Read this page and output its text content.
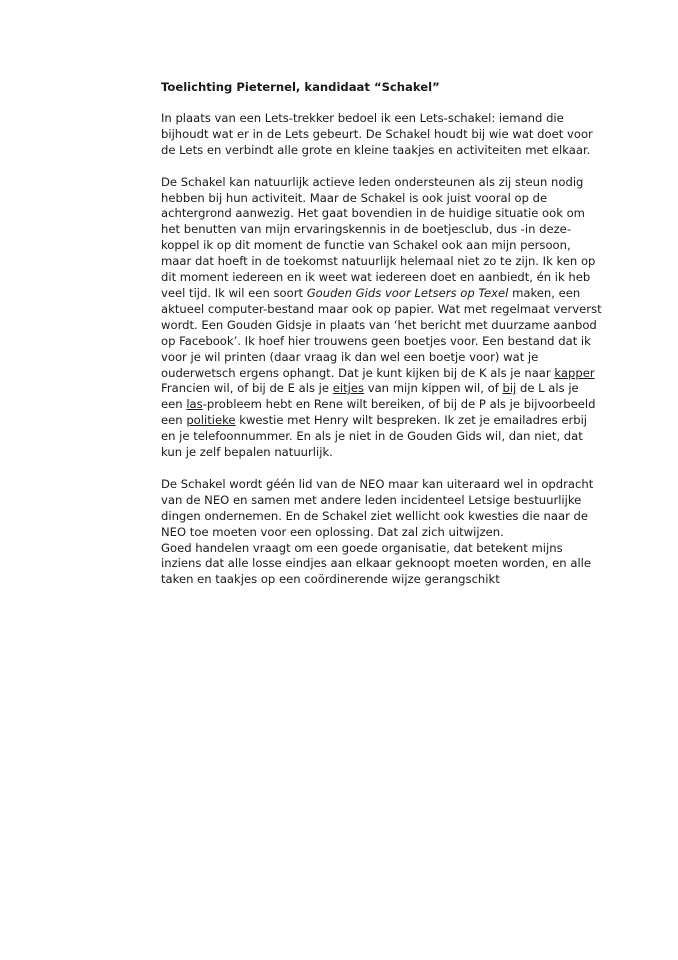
Toelichting Pieternel, kandidaat “Schakel”
In plaats van een Lets-trekker bedoel ik een Lets-schakel: iemand die
bijhoudt wat er in de Lets gebeurt. De Schakel houdt bij wie wat doet voor
de Lets en verbindt alle grote en kleine taakjes en activiteiten met elkaar.
De Schakel kan natuurlijk actieve leden ondersteunen als zij steun nodig
hebben bij hun activiteit. Maar de Schakel is ook juist vooral op de
achtergrond aanwezig. Het gaat bovendien in de huidige situatie ook om
het benutten van mijn ervaringskennis in de boetjesclub, dus -in deze-
koppel ik op dit moment de functie van Schakel ook aan mijn persoon,
maar dat hoeft in de toekomst natuurlijk helemaal niet zo te zijn. Ik ken op
dit moment iedereen en ik weet wat iedereen doet en aanbiedt, én ik heb
veel tijd. Ik wil een soort Gouden Gids voor Letsers op Texel maken, een
aktueel computer-bestand maar ook op papier. Wat met regelmaat ververst
wordt. Een Gouden Gidsje in plaats van ‘het bericht met duurzame aanbod
op Facebook’. Ik hoef hier trouwens geen boetjes voor. Een bestand dat ik
voor je wil printen (daar vraag ik dan wel een boetje voor) wat je
ouderwetsch ergens ophangt. Dat je kunt kijken bij de K als je naar kapper
Francien wil, of bij de E als je eitjes van mijn kippen wil, of bij de L als je
een las-probleem hebt en Rene wilt bereiken, of bij de P als je bijvoorbeeld
een politieke kwestie met Henry wilt bespreken. Ik zet je emailadres erbij
en je telefoonnummer. En als je niet in de Gouden Gids wil, dan niet, dat
kun je zelf bepalen natuurlijk.
De Schakel wordt géén lid van de NEO maar kan uiteraard wel in opdracht
van de NEO en samen met andere leden incidenteel Letsige bestuurlijke
dingen ondernemen. En de Schakel ziet wellicht ook kwesties die naar de
NEO toe moeten voor een oplossing. Dat zal zich uitwijzen.
Goed handelen vraagt om een goede organisatie, dat betekent mijns
inziens dat alle losse eindjes aan elkaar geknoopt moeten worden, en alle
taken en taakjes op een coördinerende wijze gerangschikt
